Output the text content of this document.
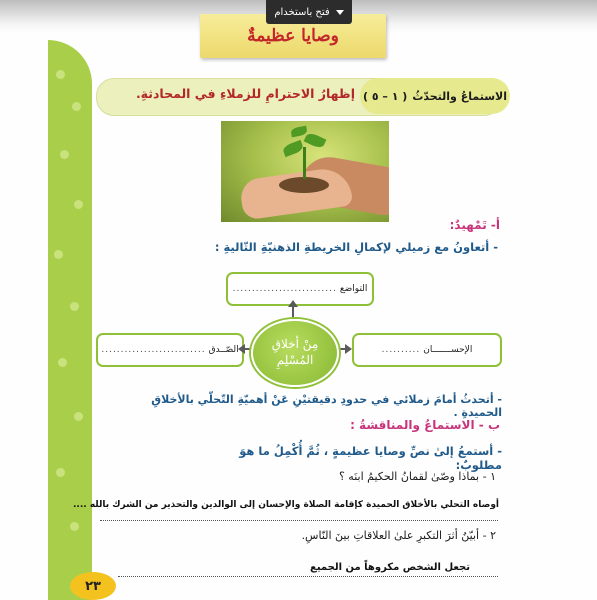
وصايا عظيمةٌ
فتح باستخدام
الاستماعُ والتحدّثُ
( ١ – ٥ )
إظهارُ الاحترامِ للزملاءِ في المحادثةِ.
أ- تَمْهيدٌ:
- أتعاونُ مع زميلي لإكمالِ الخريطةِ الذهنيّةِ التّاليةِ :
التواضع
...........................
الإحســـــــان
..........
الصّــدق
...........................	مِنْ أخلاقِ
المُسْلِمِ
- أتحدثُ أمامَ زملائي في حدودِ دقيقتيْنِ عَنْ أهميّةِ التّحلّي بالأخلاقِ الحميدةِ .
ب - الاستماعُ والمناقشةُ :
- أستمعُ إلىٰ نصِّ وصايا عظيمةٍ ، ثُمَّ أُكْمِلُ ما هوَ مطلوبٌ:
١ - بماذا وصّىٰ لقمانُ الحكيمُ ابنَه ؟
أوصاه التحلي بالأخلاق الحميدة كإقامة الصلاة والإحسان إلى الوالدين والتحذير من الشرك بالله ....
٢ - أبيّنُ أثرَ التكبرِ علىٰ العلاقاتِ بينَ النّاسِ.
تجعل الشخص مكروهاً من الجميع
٢٣
